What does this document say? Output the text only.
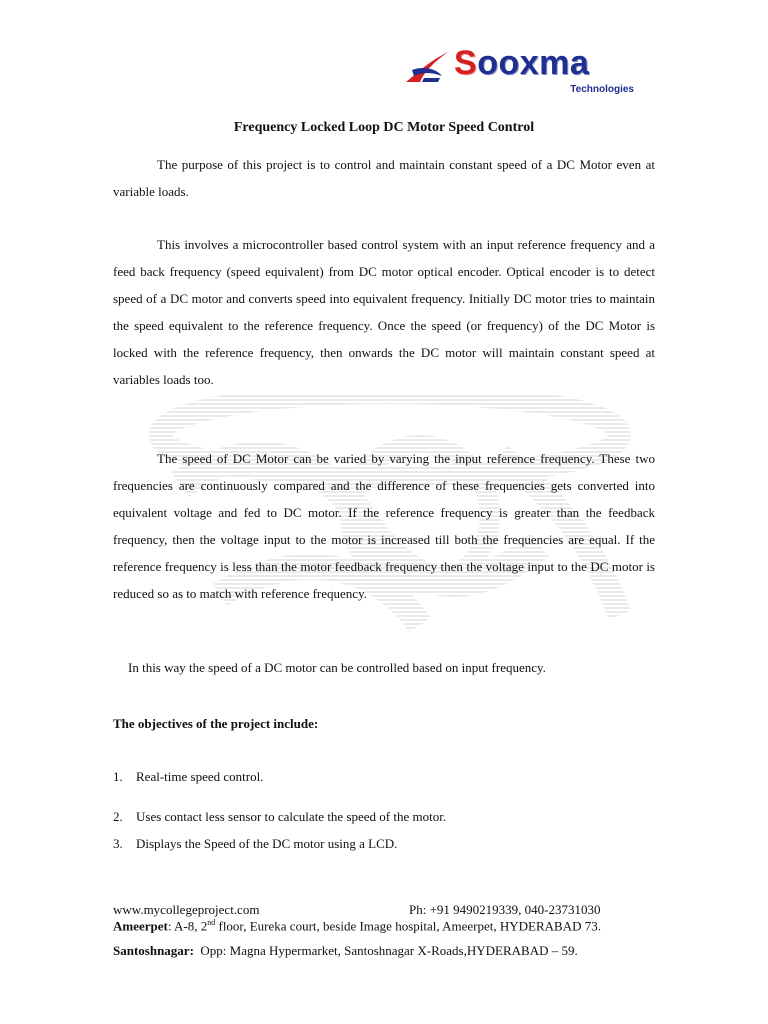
Sooxma
Technologies
Frequency Locked Loop DC Motor Speed Control

The purpose of this project is to control and maintain constant speed of a DC Motor even at variable loads.

This involves a microcontroller based control system with an input reference frequency and a feed back frequency (speed equivalent) from DC motor optical encoder. Optical encoder is to detect speed of a DC motor and converts speed into equivalent frequency. Initially DC motor tries to maintain the speed equivalent to the reference frequency. Once the speed (or frequency) of the DC Motor is locked with the reference frequency, then onwards the DC motor will maintain constant speed at variables loads too.

The speed of DC Motor can be varied by varying the input reference frequency. These two frequencies are continuously compared and the difference of these frequencies gets converted into equivalent voltage and fed to DC motor. If the reference frequency is greater than the feedback frequency, then the voltage input to the motor is increased till both the frequencies are equal. If the reference frequency is less than the motor feedback frequency then the voltage input to the DC motor is reduced so as to match with reference frequency.

In this way the speed of a DC motor can be controlled based on input frequency.

The objectives of the project include:
1. Real-time speed control.
2. Uses contact less sensor to calculate the speed of the motor.
3. Displays the Speed of the DC motor using a LCD.
www.mycollegeproject.com	Ph: +91 9490219339, 040-23731030
Ameerpet: A-8, 2nd floor, Eureka court, beside Image hospital, Ameerpet, HYDERABAD 73.
Santoshnagar:  Opp: Magna Hypermarket, Santoshnagar X-Roads,HYDERABAD – 59.
